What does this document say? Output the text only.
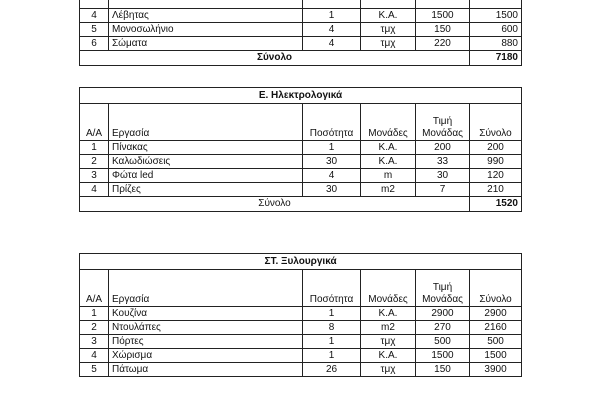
4	Λέβητας	1	Κ.Α.	1500	1500
5	Μονοσωλήνιο	4	τμχ	150	600
6	Σώματα	4	τμχ	220	880
Σύνολο					7180
Ε. Ηλεκτρολογικά					
Α/Α	Εργασία	Ποσότητα	Μονάδες	Τιμή Μονάδας	Σύνολο
1	Πίνακας	1	Κ.Α.	200	200
2	Καλωδιώσεις	30	Κ.Α.	33	990
3	Φώτα led	4	m	30	120
4	Πρίζες	30	m2	7	210
Σύνολο					1520
ΣΤ. Ξυλουργικά					
Α/Α	Εργασία	Ποσότητα	Μονάδες	Τιμή Μονάδας	Σύνολο
1	Κουζίνα	1	Κ.Α.	2900	2900
2	Ντουλάπες	8	m2	270	2160
3	Πόρτες	1	τμχ	500	500
4	Χώρισμα	1	Κ.Α.	1500	1500
5	Πάτωμα	26	τμχ	150	3900
